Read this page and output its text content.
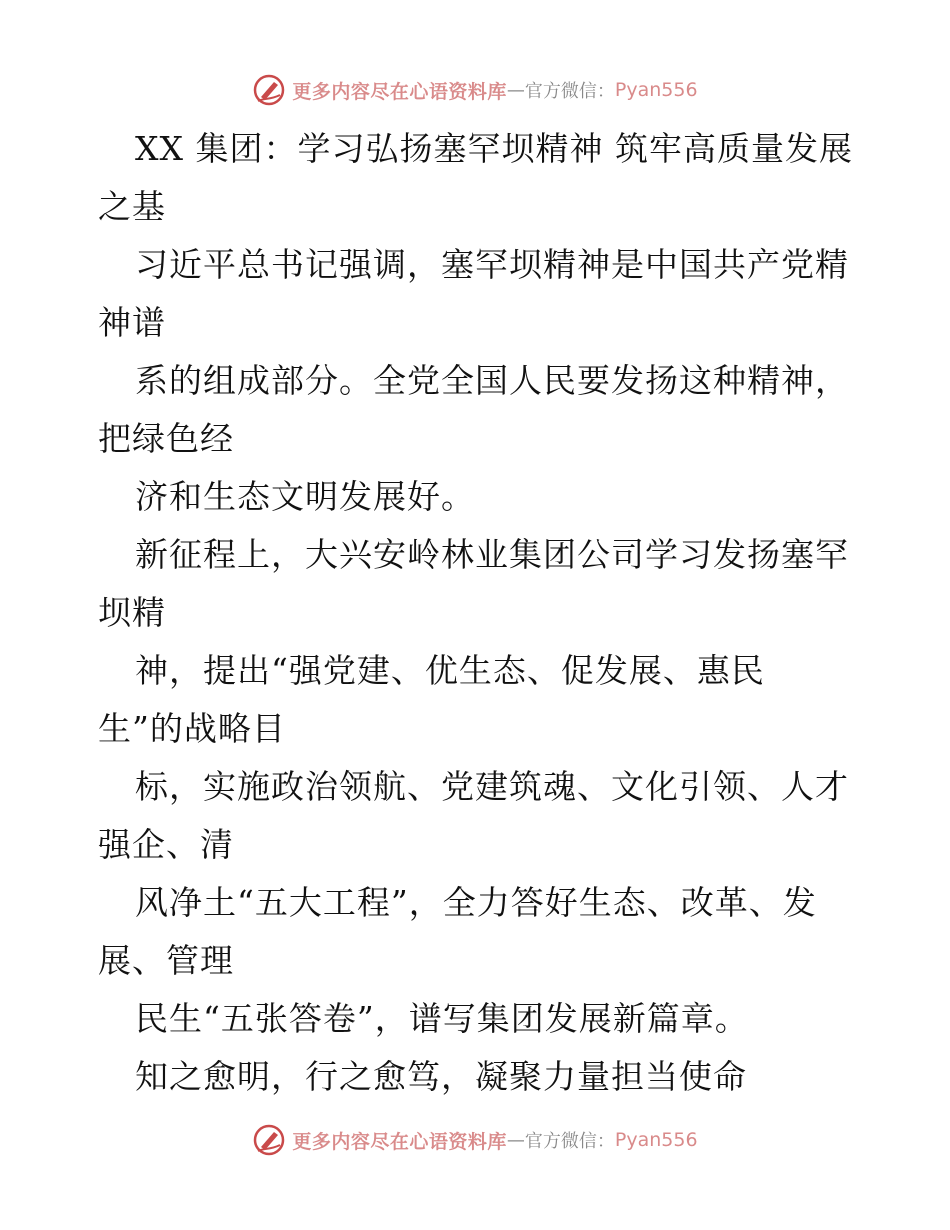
更多内容尽在心语资料库 — 官方微信： Pyan556
XX 集团：学习弘扬塞罕坝精神 筑牢高质量发展
之基
习近平总书记强调，塞罕坝精神是中国共产党精
神谱
系的组成部分。全党全国人民要发扬这种精神，
把绿色经
济和生态文明发展好。
新征程上，大兴安岭林业集团公司学习发扬塞罕
坝精
神，提出“强党建、优生态、促发展、惠民
生”的战略目
标，实施政治领航、党建筑魂、文化引领、人才
强企、清
风净土“五大工程”，全力答好生态、改革、发
展、管理
民生“五张答卷”，谱写集团发展新篇章。
知之愈明，行之愈笃，凝聚力量担当使命
更多内容尽在心语资料库 — 官方微信： Pyan556
